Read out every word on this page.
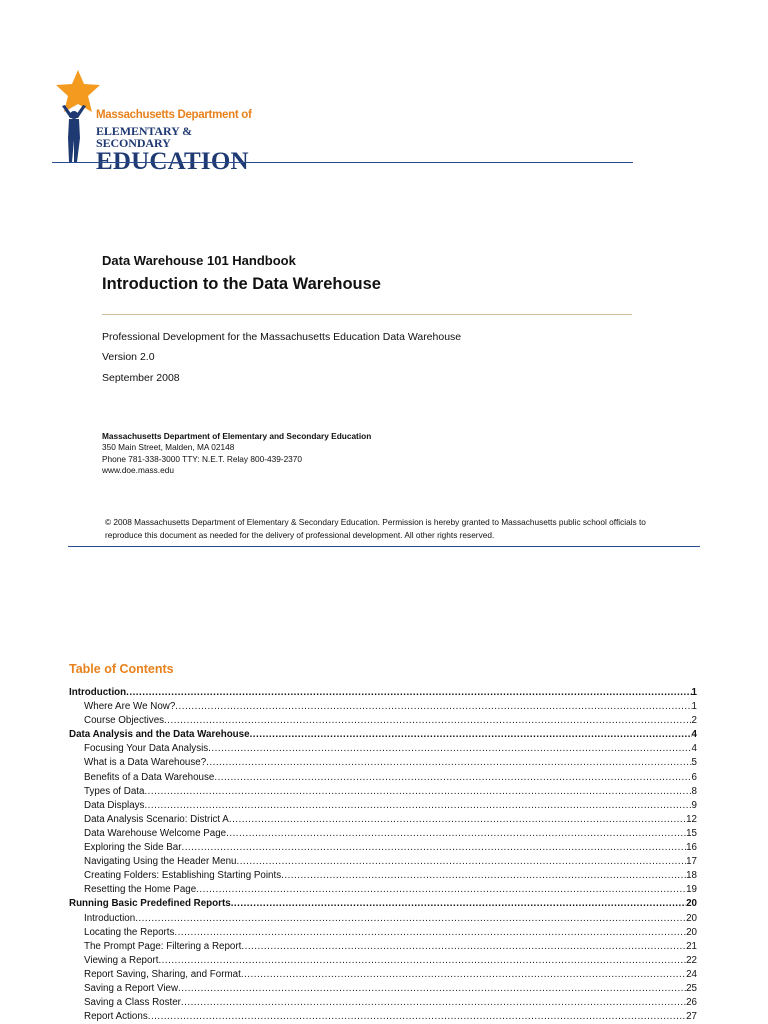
Massachusetts Department of
ELEMENTARY & SECONDARY
EDUCATION
Data Warehouse 101 Handbook
Introduction to the Data Warehouse
Professional Development for the Massachusetts Education Data Warehouse
Version 2.0
September 2008
Massachusetts Department of Elementary and Secondary Education
350 Main Street, Malden, MA 02148
Phone 781-338-3000 TTY: N.E.T. Relay 800-439-2370
www.doe.mass.edu
© 2008 Massachusetts Department of Elementary & Secondary Education. Permission is hereby granted to Massachusetts public school officials to
reproduce this document as needed for the delivery of professional development. All other rights reserved.
Table of Contents
Introduction .....	1
Where Are We Now? .....	1
Course Objectives .....	2
Data Analysis and the Data Warehouse .....	4
Focusing Your Data Analysis .....	4
What is a Data Warehouse? .....	5
Benefits of a Data Warehouse .....	6
Types of Data .....	8
Data Displays .....	9
Data Analysis Scenario: District A .....	12
Data Warehouse Welcome Page .....	15
Exploring the Side Bar .....	16
Navigating Using the Header Menu .....	17
Creating Folders: Establishing Starting Points .....	18
Resetting the Home Page .....	19
Running Basic Predefined Reports .....	20
Introduction .....	20
Locating the Reports .....	20
The Prompt Page: Filtering a Report .....	21
Viewing a Report .....	22
Report Saving, Sharing, and Format .....	24
Saving a Report View .....	25
Saving a Class Roster .....	26
Report Actions .....	27
